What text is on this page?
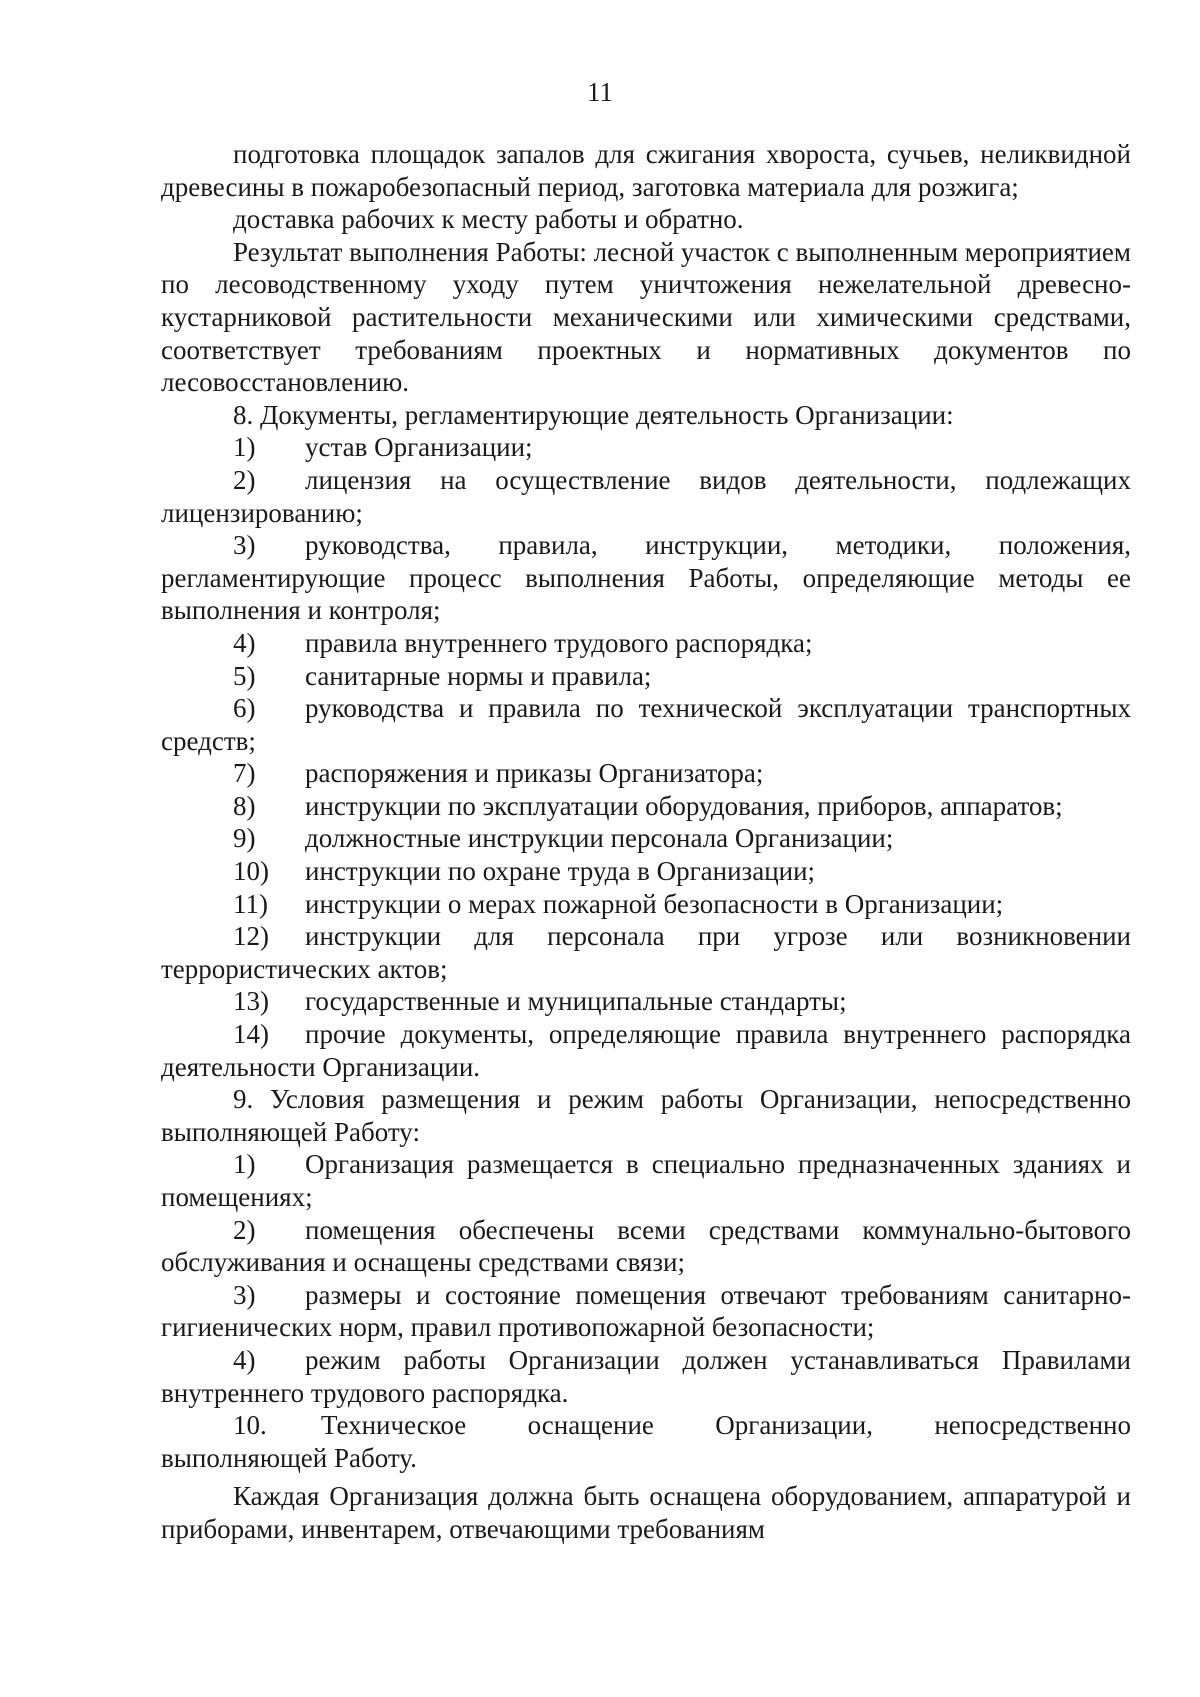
11

подготовка площадок запалов для сжигания хвороста, сучьев, неликвидной древесины в пожаробезопасный период, заготовка материала для розжига;

доставка рабочих к месту работы и обратно.

Результат выполнения Работы: лесной участок с выполненным мероприятием по лесоводственному уходу путем уничтожения нежелательной древесно-кустарниковой растительности механическими или химическими средствами, соответствует требованиям проектных и нормативных документов по лесовосстановлению.

8. Документы, регламентирующие деятельность Организации:

1) устав Организации;

2) лицензия на осуществление видов деятельности, подлежащих лицензированию;

3) руководства, правила, инструкции, методики, положения, регламентирующие процесс выполнения Работы, определяющие методы ее выполнения и контроля;

4) правила внутреннего трудового распорядка;

5) санитарные нормы и правила;

6) руководства и правила по технической эксплуатации транспортных средств;

7) распоряжения и приказы Организатора;

8) инструкции по эксплуатации оборудования, приборов, аппаратов;

9) должностные инструкции персонала Организации;

10) инструкции по охране труда в Организации;

11) инструкции о мерах пожарной безопасности в Организации;

12) инструкции для персонала при угрозе или возникновении террористических актов;

13) государственные и муниципальные стандарты;

14) прочие документы, определяющие правила внутреннего распорядка деятельности Организации.

9. Условия размещения и режим работы Организации, непосредственно выполняющей Работу:

1) Организация размещается в специально предназначенных зданиях и помещениях;

2) помещения обеспечены всеми средствами коммунально-бытового обслуживания и оснащены средствами связи;

3) размеры и состояние помещения отвечают требованиям санитарно-гигиенических норм, правил противопожарной безопасности;

4) режим работы Организации должен устанавливаться Правилами внутреннего трудового распорядка.

10. Техническое оснащение Организации, непосредственно выполняющей Работу.

Каждая Организация должна быть оснащена оборудованием, аппаратурой и приборами, инвентарем, отвечающими требованиям
